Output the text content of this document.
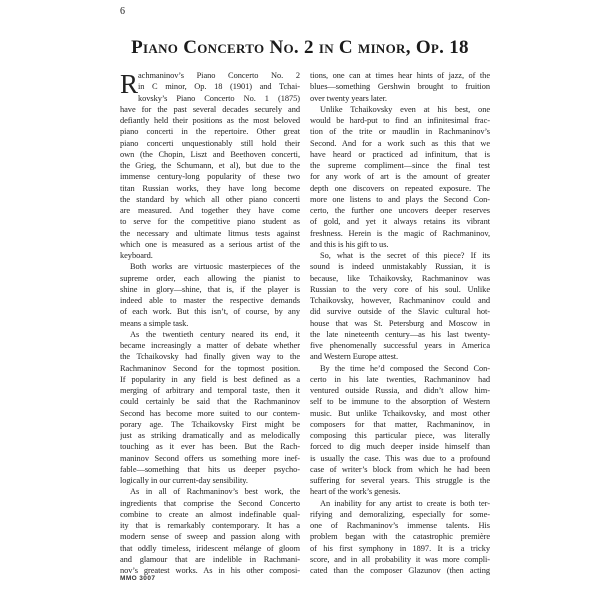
6
Piano Concerto No. 2 in C minor, Op. 18
R achmaninov’s Piano Concerto No. 2
in C minor, Op. 18 (1901) and Tchai-
kovsky’s Piano Concerto No. 1 (1875)
have for the past several decades securely and
defiantly held their positions as the most beloved
piano concerti in the repertoire. Other great
piano concerti unquestionably still hold their
own (the Chopin, Liszt and Beethoven concerti,
the Grieg, the Schumann, et al), but due to the
immense century-long popularity of these two
titan Russian works, they have long become
the standard by which all other piano concerti
are measured. And together they have come
to serve for the competitive piano student as
the necessary and ultimate litmus tests against
which one is measured as a serious artist of the
keyboard.
Both works are virtuosic masterpieces of the
supreme order, each allowing the pianist to
shine in glory—shine, that is, if the player is
indeed able to master the respective demands
of each work. But this isn’t, of course, by any
means a simple task.
As the twentieth century neared its end, it
became increasingly a matter of debate whether
the Tchaikovsky had finally given way to the
Rachmaninov Second for the topmost position.
If popularity in any field is best defined as a
merging of arbitrary and temporal taste, then it
could certainly be said that the Rachmaninov
Second has become more suited to our contem-
porary age. The Tchaikovsky First might be
just as striking dramatically and as melodically
touching as it ever has been. But the Rach-
maninov Second offers us something more inef-
fable—something that hits us deeper psycho-
logically in our current-day sensibility.
As in all of Rachmaninov’s best work, the
ingredients that comprise the Second Concerto
combine to create an almost indefinable qual-
ity that is remarkably contemporary. It has a
modern sense of sweep and passion along with
that oddly timeless, iridescent mélange of gloom
and glamour that are indelible in Rachmani-
nov’s greatest works. As in his other composi-
tions, one can at times hear hints of jazz, of the
blues—something Gershwin brought to fruition
over twenty years later.
Unlike Tchaikovsky even at his best, one
would be hard-put to find an infinitesimal frac-
tion of the trite or maudlin in Rachmaninov’s
Second. And for a work such as this that we
have heard or practiced ad infinitum, that is
the supreme compliment—since the final test
for any work of art is the amount of greater
depth one discovers on repeated exposure. The
more one listens to and plays the Second Con-
certo, the further one uncovers deeper reserves
of gold, and yet it always retains its vibrant
freshness. Herein is the magic of Rachmaninov,
and this is his gift to us.
So, what is the secret of this piece? If its
sound is indeed unmistakably Russian, it is
because, like Tchaikovsky, Rachmaninov was
Russian to the very core of his soul. Unlike
Tchaikovsky, however, Rachmaninov could and
did survive outside of the Slavic cultural hot-
house that was St. Petersburg and Moscow in
the late nineteenth century—as his last twenty-
five phenomenally successful years in America
and Western Europe attest.
By the time he’d composed the Second Con-
certo in his late twenties, Rachmaninov had
ventured outside Russia, and didn’t allow him-
self to be immune to the absorption of Western
music. But unlike Tchaikovsky, and most other
composers for that matter, Rachmaninov, in
composing this particular piece, was literally
forced to dig much deeper inside himself than
is usually the case. This was due to a profound
case of writer’s block from which he had been
suffering for several years. This struggle is the
heart of the work’s genesis.
An inability for any artist to create is both ter-
rifying and demoralizing, especially for some-
one of Rachmaninov’s immense talents. His
problem began with the catastrophic première
of his first symphony in 1897. It is a tricky
score, and in all probability it was more compli-
cated than the composer Glazunov (then acting
MMO 3007
